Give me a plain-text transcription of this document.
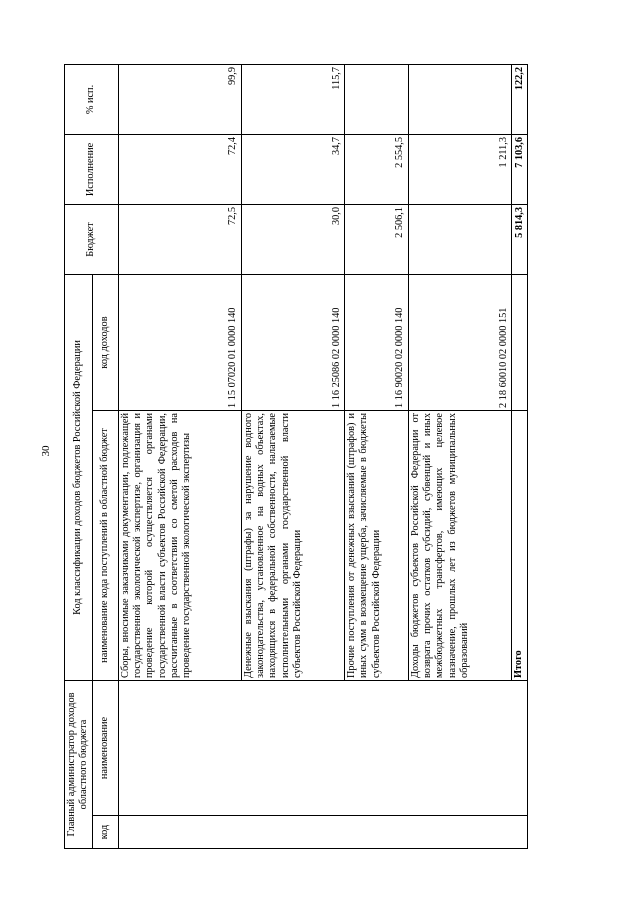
30
Главный администратор доходов областного бюджета		Код классификации доходов бюджетов Российской Федерации		Бюджет	Исполнение	% исп.
код	наименование	наименование кода поступлений в областной бюджет	код доходов			
		Сборы, вносимые заказчиками документации, подлежащей государственной экологической экспертизе, организация и проведение которой осуществляется органами государственной власти субъектов Российской Федерации, рассчитанные в соответствии со сметой расходов на проведение государственной экологической экспертизы	1 15 07020 01 0000 140	72,5	72,4	99,9
		Денежные взыскания (штрафы) за нарушение водного законодательства, установленное на водных объектах, находящихся в федеральной собственности, налагаемые исполнительными органами государственной власти субъектов Российской Федерации	1 16 25086 02 0000 140	30,0	34,7	115,7
		Прочие поступления от денежных взысканий (штрафов) и иных сумм в возмещение ущерба, зачисляемые в бюджеты субъектов Российской Федерации	1 16 90020 02 0000 140	2 506,1	2 554,5	
		Доходы бюджетов субъектов Российской Федерации от возврата прочих остатков субсидий, субвенций и иных межбюджетных трансфертов, имеющих целевое назначение, прошлых лет из бюджетов муниципальных образований	2 18 60010 02 0000 151		1 211,3	
		Итого		5 814,3	7 103,6	122,2
